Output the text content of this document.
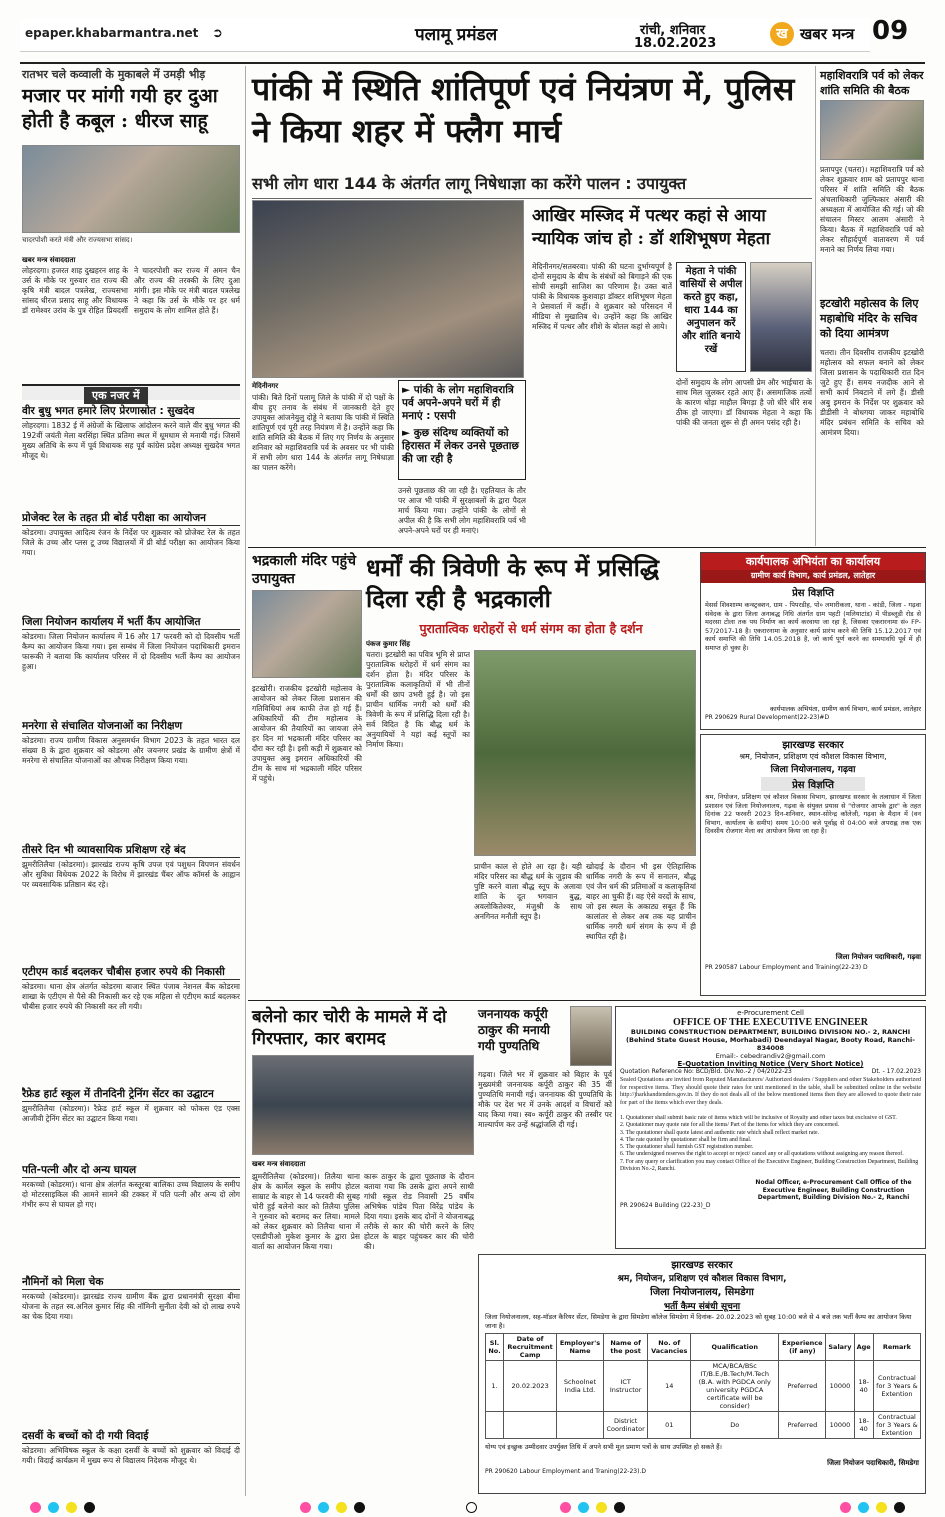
epaper.khabarmantra.net ➲	पलामू प्रमंडल	रांची, शनिवार
18.02.2023
ख खबर मन्त्र 09
रातभर चले कव्वाली के मुकाबले में उमड़ी भीड़
मजार पर मांगी गयी हर दुआ होती है कबूल : धीरज साहू
चादरपोशी करते मंत्री और राज्यसभा सांसद।
खबर मन्त्र संवाददाता
लोहरदगा। हजरत शाह दुखहरन शाह के उर्स के मौके पर गुरुवार रात राज्य की कृषि मंत्री बादल पत्रलेख, राज्यसभा सांसद धीरज प्रसाद साहू और विधायक डॉ रामेश्वर उरांव के पुत्र रोहित प्रियदर्शी ने चादरपोशी कर राज्य में अमन चैन और राज्य की तरक्की के लिए दुआ मांगी। इस मौके पर मंत्री बादल पत्रलेख ने कहा कि उर्स के मौके पर हर धर्म समुदाय के लोग शामिल होते हैं।
एक नजर में
वीर बुधु भगत हमारे लिए प्रेरणास्रोत : सुखदेव
लोहरदगा। 1832 ई में अंग्रेजों के खिलाफ आंदोलन करने वाले वीर बुधु भगत की 192वीं जयंती मेला बरसिंहा स्थित प्रतिमा स्थल में धूमधाम से मनायी गई। जिसमें मुख्य अतिथि के रूप में पूर्व विधायक सह पूर्व कांग्रेस प्रदेश अध्यक्ष सुखदेव भगत मौजूद थे।
प्रोजेक्ट रेल के तहत प्री बोर्ड परीक्षा का आयोजन
कोडरमा। उपायुक्त आदित्य रंजन के निर्देश पर शुक्रवार को प्रोजेक्ट रेल के तहत जिले के उच्च और प्लस टू उच्च विद्यालयों में प्री बोर्ड परीक्षा का आयोजन किया गया।
जिला नियोजन कार्यालय में भर्ती कैंप आयोजित
कोडरमा। जिला नियोजन कार्यालय में 16 और 17 फरवरी को दो दिवसीय भर्ती कैम्प का आयोजन किया गया। इस सम्बंध में जिला नियोजन पदाधिकारी इमरान फारूकी ने बताया कि कार्यालय परिसर में दो दिवसीय भर्ती कैम्प का आयोजन हुआ।
मनरेगा से संचालित योजनाओं का निरीक्षण
कोडरमा। राज्य ग्रामीण विकास अनुसमर्थन विभाग 2023 के तहत भारत दल संख्या 8 के द्वारा शुक्रवार को कोडरमा और जयनगर प्रखंड के ग्रामीण क्षेत्रों में मनरेगा से संचालित योजनाओं का औचक निरीक्षण किया गया।
तीसरे दिन भी व्यावसायिक प्रशिक्षण रहे बंद
झुमरीतिलैया (कोडरमा)। झारखंड राज्य कृषि उपज एवं पशुधन विपणन संवर्धन और सुविधा विधेयक 2022 के विरोध में झारखंड चैंबर ऑफ कॉमर्स के आह्वान पर व्यवसायिक प्रतिष्ठान बंद रहे।
एटीएम कार्ड बदलकर चौबीस हजार रुपये की निकासी
कोडरमा। थाना क्षेत्र अंतर्गत कोडरमा बाजार स्थित पंजाब नेशनल बैंक कोडरमा शाखा के एटीएम से पैसे की निकासी कर रहे एक महिला से एटीएम कार्ड बदलकर चौबीस हजार रुपये की निकासी कर ली गयी।
रैफ्रेड हार्ट स्कूल में तीनदिनी ट्रेनिंग सेंटर का उद्घाटन
झुमरीतिलैया (कोडरमा)। रैफ्रेड हार्ट स्कूल में शुक्रवार को फोकस एंड एक्स आजीवी ट्रेनिंग सेंटर का उद्घाटन किया गया।
पति-पत्नी और दो अन्य घायल
मरकच्चो (कोडरमा)। थाना क्षेत्र अंतर्गत कस्तूरबा बालिका उच्च विद्यालय के समीप दो मोटरसाइकिल की आमने सामने की टक्कर में पति पत्नी और अन्य दो लोग गंभीर रूप से घायल हो गए।
नौमिनों को मिला चेक
मरकच्चो (कोडरमा)। झारखंड राज्य ग्रामीण बैंक द्वारा प्रधानमंत्री सुरक्षा बीमा योजना के तहत स्व.अनिल कुमार सिंह की नॉमिनी सुनीता देवी को दो लाख रुपये का चेक दिया गया।
दसवीं के बच्चों को दी गयी विदाई
कोडरमा। अभिविषक स्कूल के कक्षा दसवीं के बच्चों को शुक्रवार को विदाई दी गयी। विदाई कार्यक्रम में मुख्य रूप से विद्यालय निदेशक मौजूद थे।
पांकी में स्थिति शांतिपूर्ण एवं नियंत्रण में, पुलिस ने किया शहर में फ्लैग मार्च
सभी लोग धारा 144 के अंतर्गत लागू निषेधाज्ञा का करेंगे पालन : उपायुक्त
मेदिनीनगर
पांकी। बिते दिनों पलामू जिले के पांकी में दो पक्षों के बीच हुए तनाव के संबंध में जानकारी देते हुए उपायुक्त आंजनेयुलु दोड्डे ने बताया कि पांकी में स्थिति शांतिपूर्ण एवं पूरी तरह नियंत्रण में है। उन्होंने कहा कि शांति समिति की बैठक में लिए गए निर्णय के अनुसार शनिवार को महाशिवरात्रि पर्व के अवसर पर भी पांकी में सभी लोग धारा 144 के अंतर्गत लागू निषेधाज्ञा का पालन करेंगे।
► पांकी के लोग महाशिवरात्रि पर्व अपने-अपने घरों में ही मनाएं : एसपी
► कुछ संदिग्ध व्यक्तियों को हिरासत में लेकर उनसे पूछताछ की जा रही है
उनसे पूछताछ की जा रही है। एहतियात के तौर पर आज भी पांकी में सुरक्षाबलों के द्वारा पैदल मार्च किया गया। उन्होंने पांकी के लोगों से अपील की है कि सभी लोग महाशिवरात्रि पर्व भी अपने-अपने घरों पर ही मनाएं।
आखिर मस्जिद में पत्थर कहां से आया न्यायिक जांच हो : डॉ शशिभूषण मेहता
मेदिनीनगर/सतबरवा। पांकी की घटना दुर्भाग्यपूर्ण है दोनों समुदाय के बीच के संबंधों को बिगाड़ने की एक सोची समझी साजिश का परिणाम है। उक्त बातें पांकी के विधायक कुशवाहा डॉक्टर शशिभूषण मेहता ने प्रेसवार्ता में कहीं। वे शुक्रवार को परिसदन में मीडिया से मुखातिब थे। उन्होंने कहा कि आखिर मस्जिद में पत्थर और शीशे के बोतल कहां से आये।
मेहता ने पांकी वासियों से अपील करते हुए कहा, धारा 144 का अनुपालन करें और शांति बनाये रखें
दोनों समुदाय के लोग आपसी प्रेम और भाईचारा के साथ मिल जुलकर रहते आए हैं। असमाजिक तत्वों के कारण थोड़ा माहौल बिगड़ा है जो धीरे धीरे सब ठीक हो जाएगा। डॉ विधायक मेहता ने कहा कि पांकी की जनता शुरू से ही अमन पसंद रही है।
महाशिवरात्रि पर्व को लेकर शांति समिति की बैठक
प्रतापपुर (चतरा)। महाशिवरात्रि पर्व को लेकर शुक्रवार शाम को प्रतापपुर थाना परिसर में शांति समिति की बैठक अंचलाधिकारी जुल्फिकार अंसारी की अध्यक्षता में आयोजित की गई। जो की संचालन मिस्टर आलम अंसारी ने किया। बैठक में महाशिवरात्रि पर्व को लेकर सौहार्दपूर्ण वातावरण में पर्व मनाने का निर्णय लिया गया।
इटखोरी महोत्सव के लिए महाबोधि मंदिर के सचिव को दिया आमंत्रण
चतरा। तीन दिवसीय राजकीय इटखोरी महोत्सव को सफल बनाने को लेकर जिला प्रशासन के पदाधिकारी रात दिन जुटे हुए हैं। समय नजदीक आने से सभी कार्य निबटाने में लगे हैं। डीसी अबु इमरान के निर्देश पर शुक्रवार को डीडीसी ने बोधगया जाकर महाबोधि मंदिर प्रबंधन समिति के सचिव को आमंत्रण दिया।
भद्रकाली मंदिर पहुंचे उपायुक्त
इटखोरी। राजकीय इटखोरी महोत्सव के आयोजन को लेकर जिला प्रशासन की गतिविधियां अब काफी तेज हो गई हैं। अधिकारियों की टीम महोत्सव के आयोजन की तैयारियों का जायजा लेने हर दिन मां भद्रकाली मंदिर परिसर का दौरा कर रही है। इसी कड़ी में शुक्रवार को उपायुक्त अबु इमरान अधिकारियों की टीम के साथ मां भद्रकाली मंदिर परिसर में पहुंचे।
धर्मों की त्रिवेणी के रूप में प्रसिद्धि दिला रही है भद्रकाली
पुरातात्विक धरोहरों से धर्म संगम का होता है दर्शन
पंकज कुमार सिंह
चतरा। इटखोरी का पवित्र भूमि से प्राप्त पुरातात्विक धरोहरों में धर्म संगम का दर्शन होता है। मंदिर परिसर के पुरातात्विक कलाकृतियों में भी तीनों धर्मों की छाप उभरी हुई है। जो इस प्राचीन धार्मिक नगरी को धर्मों की त्रिवेणी के रूप में प्रसिद्धि दिला रही है। सर्व विदित है कि बौद्ध धर्म के अनुयायियों ने यहां कई स्तूपों का निर्माण किया।
प्राचीन काल से होते आ रहा है। यही मंदिर परिसर का बौद्ध धर्म के जुड़ाव की पुष्टि करने वाला बौद्ध स्तूप के अलावा शांति के दूत भगवान बुद्ध, अवलोकितेश्वर, मंजुश्री के साथ अनगिनत मनौती स्तूप है।
खोदाई के दौरान भी इस ऐतिहासिक धार्मिक नगरी के रूप में सनातन, बौद्ध एवं जैन धर्म की प्रतिमाओं व कलाकृतियां बाहर आ चुकी हैं। वह ऐसे वरदों के साथ, जो इस स्थल के अकाट्य सबूत हैं कि कालांतर से लेकर अब तक यह प्राचीन धार्मिक नगरी धर्म संगम के रूप में ही स्थापित रही है।
कार्यपालक अभियंता का कार्यालय
ग्रामीण कार्य विभाग, कार्य प्रमंडल, लातेहार
प्रेस विज्ञप्ति
मेसर्स शिवशाम्भ कन्स्ट्रक्शन, ग्राम - पिपरडीह, पो० लमारीकला, थाना - कांडी, जिला - गढ़वा संवेदक के द्वारा जिला अनाबद्ध निधि अंतर्गत ग्राम पहटी (मलियाटांड) में पीडब्लूडी रोड से मदरसा टोला तक पथ निर्माण का कार्य करवाया जा रहा है, जिसका एकरारनामा सं० FP-57/2017-18 है। एकरारनामा के अनुसार कार्य प्रारंभ करने की तिथि 15.12.2017 एवं कार्य समाप्ति की तिथि 14.05.2018 है, जो कार्य पूर्ण करने का समयावधि पूर्व में ही समाप्त हो चुका है।
कार्यपालक अभियंता, ग्रामीण कार्य विभाग, कार्य प्रमंडल, लातेहार
PR 290629 Rural Development(22-23)#D
झारखण्ड सरकार
श्रम, नियोजन, प्रशिक्षण एवं कौशल विकास विभाग,
जिला नियोजनालय, गढ़वा
प्रेस विज्ञप्ति
श्रम, नियोजन, प्रशिक्षण एवं कौशल विकास विभाग, झारखण्ड सरकार के तत्वाधान में जिला प्रशासन एवं जिला नियोजनालय, गढ़वा के संयुक्त प्रयास से "रोजगार आपके द्वार" के तहत दिनांक 22 फरवरी 2023 दिन-शनिवार, स्थान-सोरेन्द्र कॉलेजी, गढ़वा के मैदान में (वन विभाग, कार्यालय के समीप) समय 10:00 बजे पूर्वाह्न से 04:00 बजे अपराह्न तक एक दिवसीय रोजगार मेला का आयोजन किया जा रहा है।
जिला नियोजन पदाधिकारी, गढ़वा
PR 290587 Labour Employment and Training(22-23) D
बलेनो कार चोरी के मामले में दो गिरफ्तार, कार बरामद
खबर मन्त्र संवाददाता
झुमरीतिलैया (कोडरमा)। तिलैया थाना क्षेत्र के कार्मेल स्कूल के समीप होटल साम्राट के बाहर से 14 फरवरी की सुबह चोरी हुई बलेनो कार को तिलैया पुलिस ने गुरुवार को बरामद कर लिया। मामले को लेकर शुक्रवार को तिलैया थाना में एसडीपीओ मुकेश कुमार के द्वारा प्रेस वार्ता का आयोजन किया गया।
कारू ठाकुर के द्वारा पूछताछ के दौरान बताया गया कि उसके द्वारा अपने साथी गांधी स्कूल रोड निवासी 25 वर्षीय अभिषेक पांडेय पिता विरेंद्र पांडेय के दिया गया। इसके बाद दोनों ने योजनाबद्ध तरीके से कार की चोरी करने के लिए होटल के बाहर पहुंचकर कार की चोरी की।
जननायक कर्पूरी ठाकुर की मनायी गयी पुण्यतिथि
गढ़वा। जिले भर में शुक्रवार को बिहार के पूर्व मुख्यमंत्री जननायक कर्पूरी ठाकुर की 35 वीं पुण्यतिथि मनायी गई। जननायक की पुण्यतिथि के मौके पर देश भर में उनके आदर्श व विचारों को याद किया गया। स्व० कर्पूरी ठाकुर की तस्वीर पर माल्यार्पण कर उन्हें श्रद्धांजलि दी गई।
e-Procurement Cell
OFFICE OF THE EXECUTIVE ENGINEER
BUILDING CONSTRUCTION DEPARTMENT, BUILDING DIVISION NO.- 2, RANCHI
(Behind State Guest House, Morhabadi) Deendayal Nagar, Booty Road, Ranchi-834008
Email:- cebedrandiv2@gmail.com
E-Quotation Inviting Notice (Very Short Notice)
Quotation Reference No: BCD/Bld. Div.No.-2 / 04/2022-23	Dt. - 17.02.2023
Sealed Quotations are invited from Reputed Manufacturers/ Authorized dealers / Suppliers and other Stakeholders authorized for respective items. They should quote their rates for unit mentioned in the table, shall be submitted online in the website http://jharkhandtenders.gov.in. If they do not deals all of the below mentioned items then they are allowed to quote their rate for part of the items which ever they deals.
1. Quotationer shall submit basic rate of items which will be inclusive of Royalty and other taxes but exclusive of GST.
2. Quotationer may quote rate for all the items/ Part of the items for which they are concerned.
3. The quotationer shall quote latest and authentic rate which shall reflect market rate.
4. The rate quoted by quotationer shall be firm and final.
5. The quotationer shall furnish GST registration number.
6. The undersigned reserves the right to accept or reject/ cancel any or all quotations without assigning any reason thereof.
7. For any query or clarification you may contact Office of the Executive Engineer, Building Construction Department, Building Division No.-2, Ranchi.
Nodal Officer, e-Procurement Cell Office of the Executive Engineer, Building Construction Department, Building Division No.- 2, Ranchi
PR 290624 Building (22-23)_D
झारखण्ड सरकार
श्रम, नियोजन, प्रशिक्षण एवं कौशल विकास विभाग,
जिला नियोजनालय, सिमडेगा
भर्ती कैम्प संबंधी सूचना
जिला नियोजनालय, सह-मॉडल कैरियर सेंटर, सिमडेगा के द्वारा सिमडेगा कॉलेज सिमडेगा में दिनांक- 20.02.2023 को सुबह 10:00 बजे से 4 बजे तक भर्ती कैम्प का आयोजन किया जाना है।
Sl. No.	Date of Recruitment Camp	Employer's Name	Name of the post	No. of Vacancies	Qualification	Experience (if any)	Salary	Age	Remark
1.	20.02.2023	Schoolnet India Ltd.	ICT Instructor	14	MCA/BCA/BSc IT/B.E./B.Tech/M.Tech (B.A. with PGDCA only university PGDCA certificate will be consider)	Preferred	10000	18-40	Contractual for 3 Years & Extention
			District Coordinator	01	Do	Preferred	10000	18-40	Contractual for 3 Years & Extention
योग्य एवं इच्छुक उम्मीदवार उपर्युक्त तिथि में अपने सभी मूल प्रमाण पत्रों के साथ उपस्थित हो सकते हैं।
जिला नियोजन पदाधिकारी, सिमडेगा
PR 290620 Labour Employment and Traning(22-23).D
